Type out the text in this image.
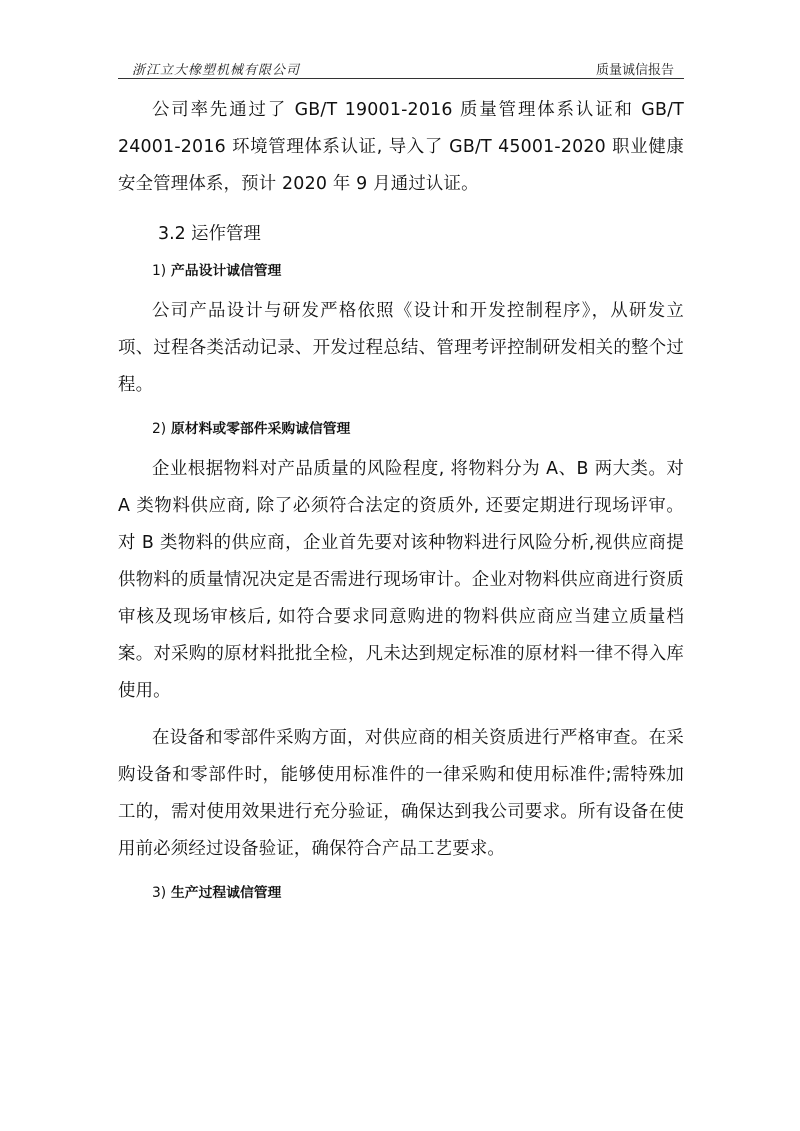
浙江立大橡塑机械有限公司	质量诚信报告

公司率先通过了 GB/T 19001-2016 质量管理体系认证和 GB/T 24001-2016 环境管理体系认证, 导入了 GB/T 45001-2020 职业健康安全管理体系，预计 2020 年 9 月通过认证。

3.2 运作管理
1) 产品设计诚信管理

公司产品设计与研发严格依照《设计和开发控制程序》，从研发立项、过程各类活动记录、开发过程总结、管理考评控制研发相关的整个过程。

2) 原材料或零部件采购诚信管理

企业根据物料对产品质量的风险程度, 将物料分为 A、B 两大类。对 A 类物料供应商, 除了必须符合法定的资质外, 还要定期进行现场评审。对 B 类物料的供应商，企业首先要对该种物料进行风险分析,视供应商提供物料的质量情况决定是否需进行现场审计。企业对物料供应商进行资质审核及现场审核后, 如符合要求同意购进的物料供应商应当建立质量档案。对采购的原材料批批全检，凡未达到规定标准的原材料一律不得入库使用。

在设备和零部件采购方面，对供应商的相关资质进行严格审查。在采购设备和零部件时，能够使用标准件的一律采购和使用标准件;需特殊加工的，需对使用效果进行充分验证，确保达到我公司要求。所有设备在使用前必须经过设备验证，确保符合产品工艺要求。

3) 生产过程诚信管理
